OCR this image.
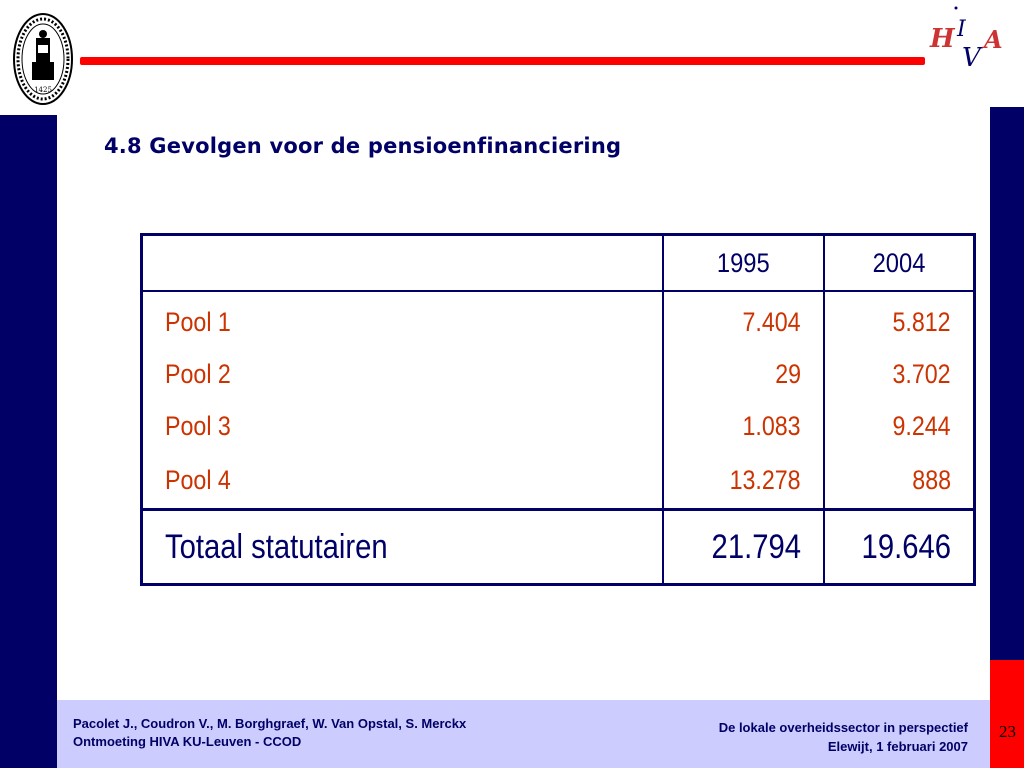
1425
H I
V
A
4.8 Gevolgen voor de pensioenfinanciering
	1995	2004
Pool 1	7.404	5.812
Pool 2	29	3.702
Pool 3	1.083	9.244
Pool 4	13.278	888
Totaal statutairen	21.794	19.646
Pacolet J., Coudron V., M. Borghgraef, W. Van Opstal, S. Merckx
Ontmoeting HIVA KU-Leuven - CCOD
De lokale overheidssector in perspectief
Elewijt, 1 februari 2007
23
